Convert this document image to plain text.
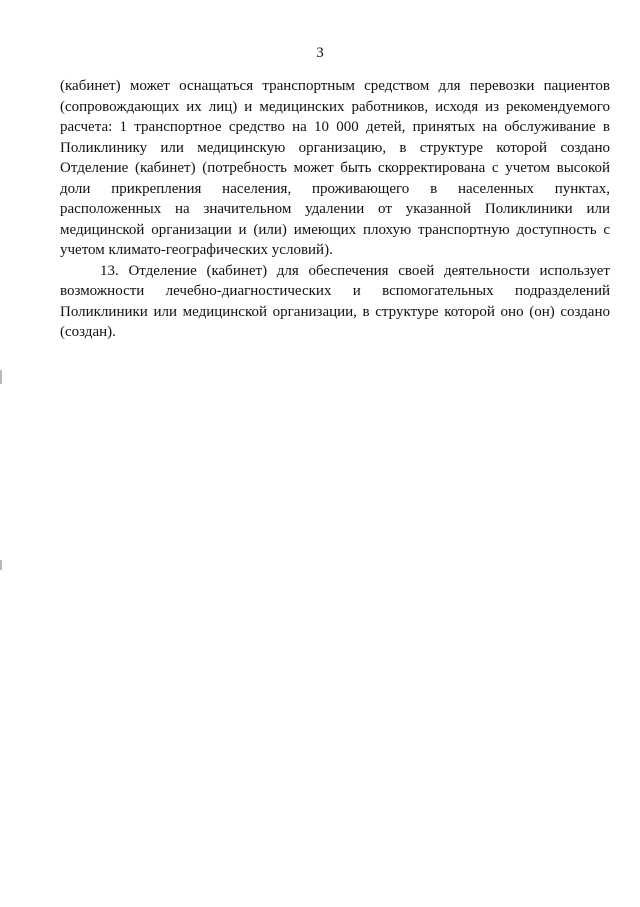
3

(кабинет) может оснащаться транспортным средством для перевозки пациентов (сопровождающих их лиц) и медицинских работников, исходя из рекомендуемого расчета: 1 транспортное средство на 10 000 детей, принятых на обслуживание в Поликлинику или медицинскую организацию, в структуре которой создано Отделение (кабинет) (потребность может быть скорректирована с учетом высокой доли прикрепления населения, проживающего в населенных пунктах, расположенных на значительном удалении от указанной Поликлиники или медицинской организации и (или) имеющих плохую транспортную доступность с учетом климато-географических условий).

13. Отделение (кабинет) для обеспечения своей деятельности использует возможности лечебно-диагностических и вспомогательных подразделений Поликлиники или медицинской организации, в структуре которой оно (он) создано (создан).
